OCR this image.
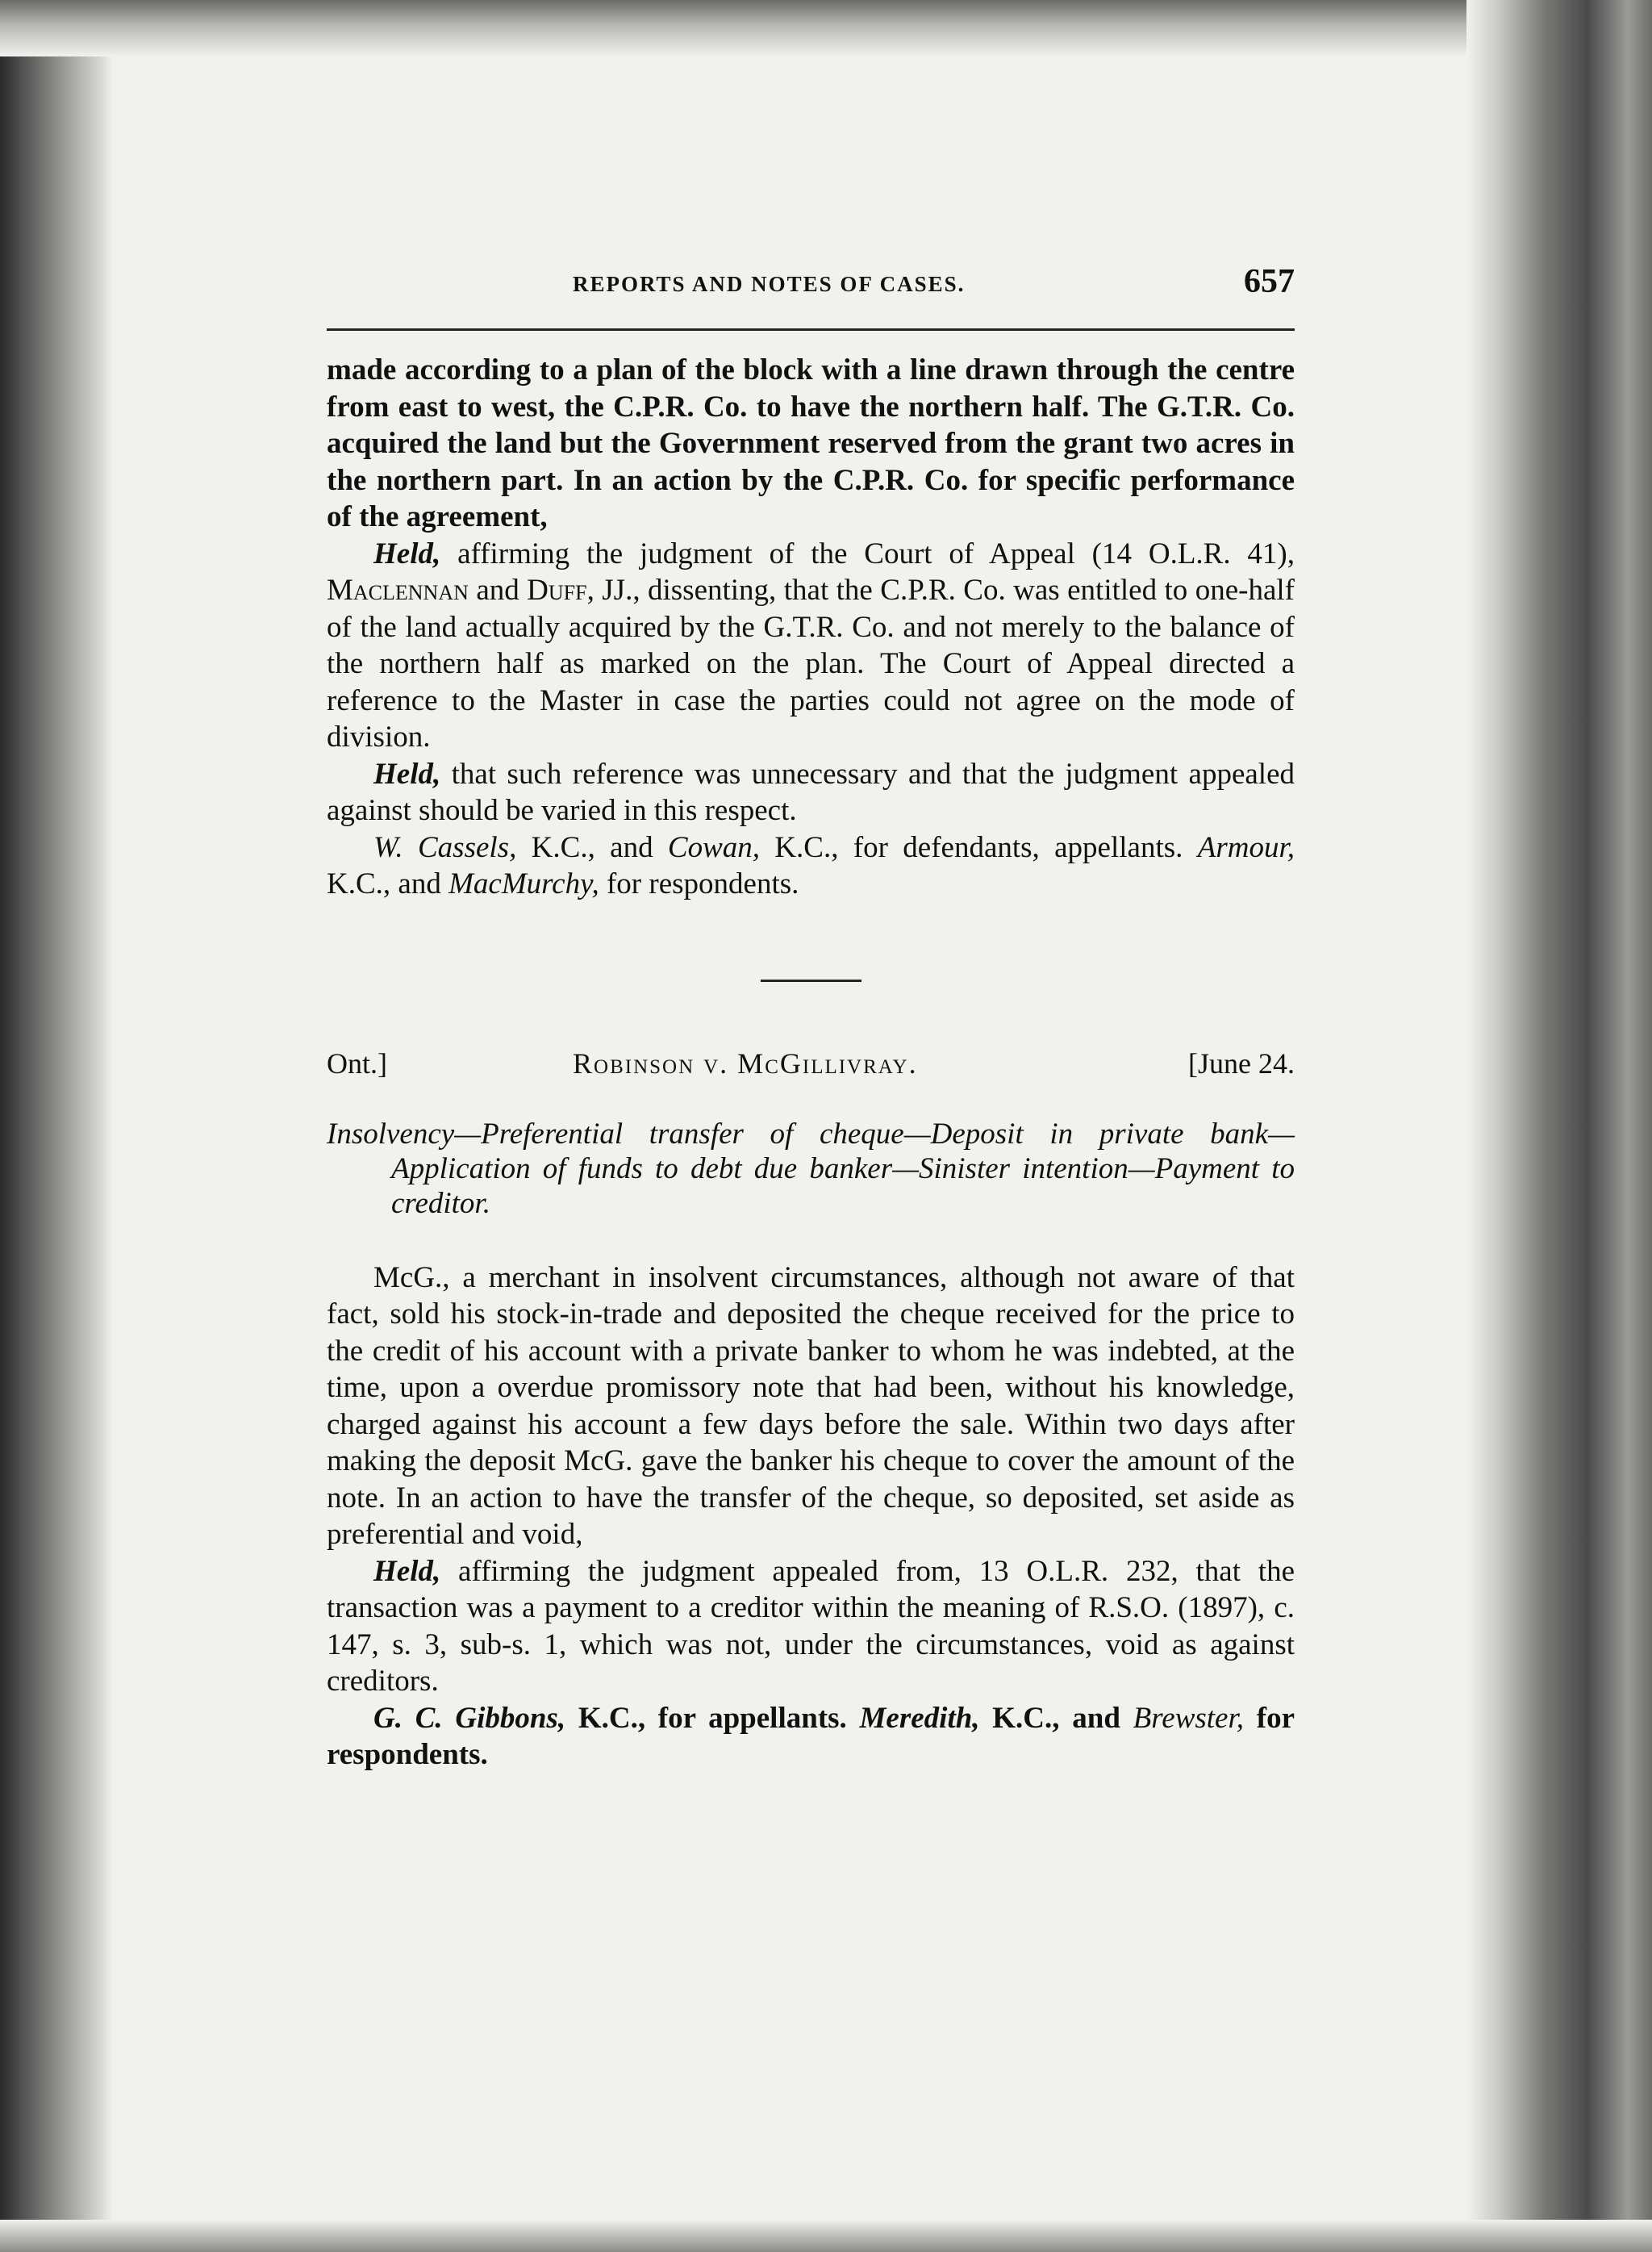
REPORTS AND NOTES OF CASES.	657

made according to a plan of the block with a line drawn through the centre from east to west, the C.P.R. Co. to have the northern half. The G.T.R. Co. acquired the land but the Government reserved from the grant two acres in the northern part. In an action by the C.P.R. Co. for specific performance of the agreement,

Held, affirming the judgment of the Court of Appeal (14 O.L.R. 41), Maclennan and Duff, JJ., dissenting, that the C.P.R. Co. was entitled to one-half of the land actually acquired by the G.T.R. Co. and not merely to the balance of the northern half as marked on the plan. The Court of Appeal directed a reference to the Master in case the parties could not agree on the mode of division.

Held, that such reference was unnecessary and that the judgment appealed against should be varied in this respect.

W. Cassels, K.C., and Cowan, K.C., for defendants, appellants. Armour, K.C., and MacMurchy, for respondents.

Ont.]	Robinson v. McGillivray.	[June 24.

Insolvency—Preferential transfer of cheque—Deposit in private bank—Application of funds to debt due banker—Sinister intention—Payment to creditor.

McG., a merchant in insolvent circumstances, although not aware of that fact, sold his stock-in-trade and deposited the cheque received for the price to the credit of his account with a private banker to whom he was indebted, at the time, upon a overdue promissory note that had been, without his knowledge, charged against his account a few days before the sale. Within two days after making the deposit McG. gave the banker his cheque to cover the amount of the note. In an action to have the transfer of the cheque, so deposited, set aside as preferential and void,

Held, affirming the judgment appealed from, 13 O.L.R. 232, that the transaction was a payment to a creditor within the meaning of R.S.O. (1897), c. 147, s. 3, sub-s. 1, which was not, under the circumstances, void as against creditors.

G. C. Gibbons, K.C., for appellants. Meredith, K.C., and Brewster, for respondents.
